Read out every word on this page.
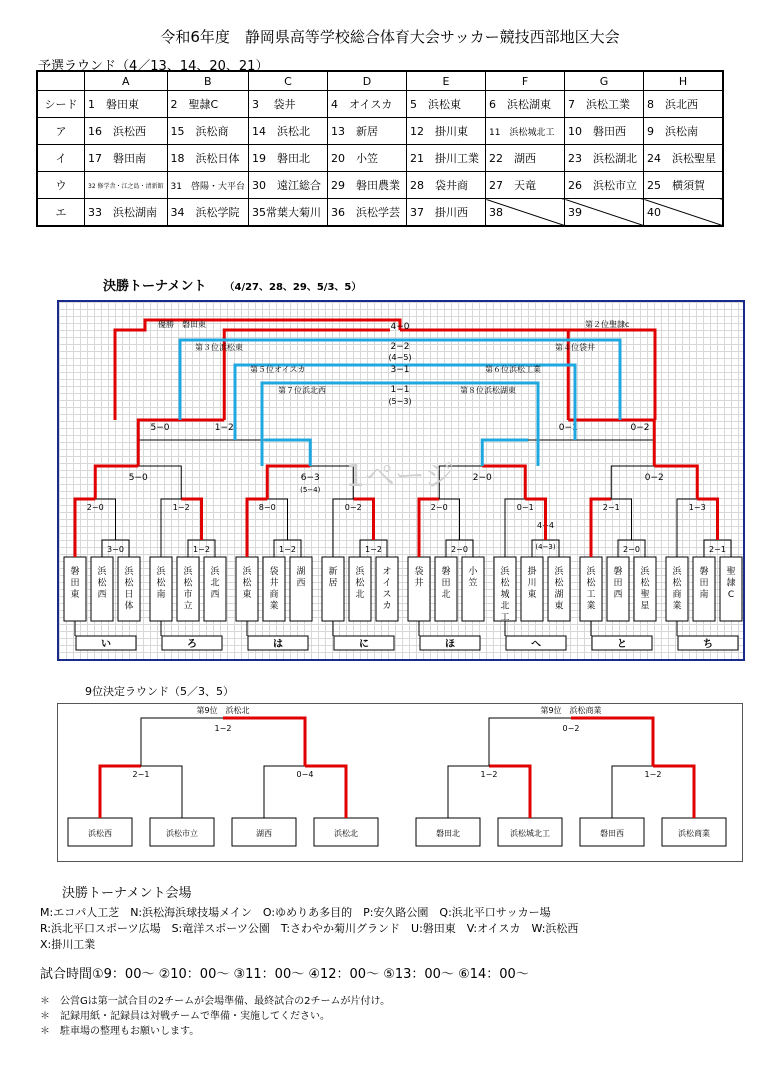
令和6年度　静岡県高等学校総合体育大会サッカー競技西部地区大会
予選ラウンド（4／13、14、20、21）
	A	B	C	D	E	F	G	H
シード	1　磐田東	2　聖隷C	3　 袋井	4　オイスカ	5　浜松東	6　浜松湖東	7　浜松工業	8　浜北西
ア	16　浜松西	15　浜松商	14　浜松北	13　新居	12　掛川東	11　浜松城北工	10　磐田西	9　浜松南
イ	17　磐田南	18　浜松日体	19　磐田北	20　小笠	21　掛川工業	22　湖西	23　浜松湖北	24　浜松聖星
ウ	32 修学舎・江之島・清新館	31　啓陽・大平台	30　遠江総合	29　磐田農業	28　袋井商	27　天竜	26　浜松市立	25　横須賀
エ	33　浜松湖南	34　浜松学院	35常葉大菊川	36　浜松学芸	37　掛川西	38	39	40
決勝トーナメント （4/27、28、29、5/3、5）
9位決定ラウンド（5／3、5）
磐
田
東
浜
松
西
浜
松
日
体
浜
松
南
浜
松
市
立
浜
北
西
浜
松
東
袋
井
商
業
湖
西
新
居
浜
松
北
オ
イ
ス
カ
袋
井
磐
田
北
小
笠
浜
松
城
北
工
掛
川
東
浜
松
湖
東
浜
松
工
業
磐
田
西
浜
松
聖
星
浜
松
商
業
磐
田
南
聖
隷
C
い	ろ	は	に	ほ	へ	と	ち
3−0	1−2	1−2	1−2	2−0
4−4
2−0	2−1
(4−3)
2−0	1−2	8−0	0−2	2−0	0−1	2−1	1−3
5−0	6−3	2−0	0−2
(5−4)
1−2	0−1
5−0	0−2
4−0
優勝　磐田東	第２位聖隷c
第３位浜松東	第４位袋井
2−2
(4−5)
第５位オイスカ	第６位浜松工業
3−1
第７位浜北西	第８位浜松湖東
1−1
(5−3)
1ページ
浜松西	浜松市立	湖西	浜松北	磐田北	浜松城北工	磐田西	浜松商業
2−1	0−4	1−2	1−2
1−2
第9位　浜松北
0−2
第9位　浜松商業
決勝トーナメント会場
M:エコパ人工芝　N:浜松海浜球技場メイン　O:ゆめりあ多目的　P:安久路公園　Q:浜北平口サッカー場
R:浜北平口スポーツ広場　S:竜洋スポーツ公園　T:さわやか菊川グランド　U:磐田東　V:オイスカ　W:浜松西
X:掛川工業
試合時間①9：00〜 ②10：00〜 ③11：00〜 ④12：00〜 ⑤13：00〜 ⑥14：00〜
＊　公営Gは第一試合目の2チームが会場準備、最終試合の2チームが片付け。
＊　記録用紙・記録員は対戦チームで準備・実施してください。
＊　駐車場の整理もお願いします。
